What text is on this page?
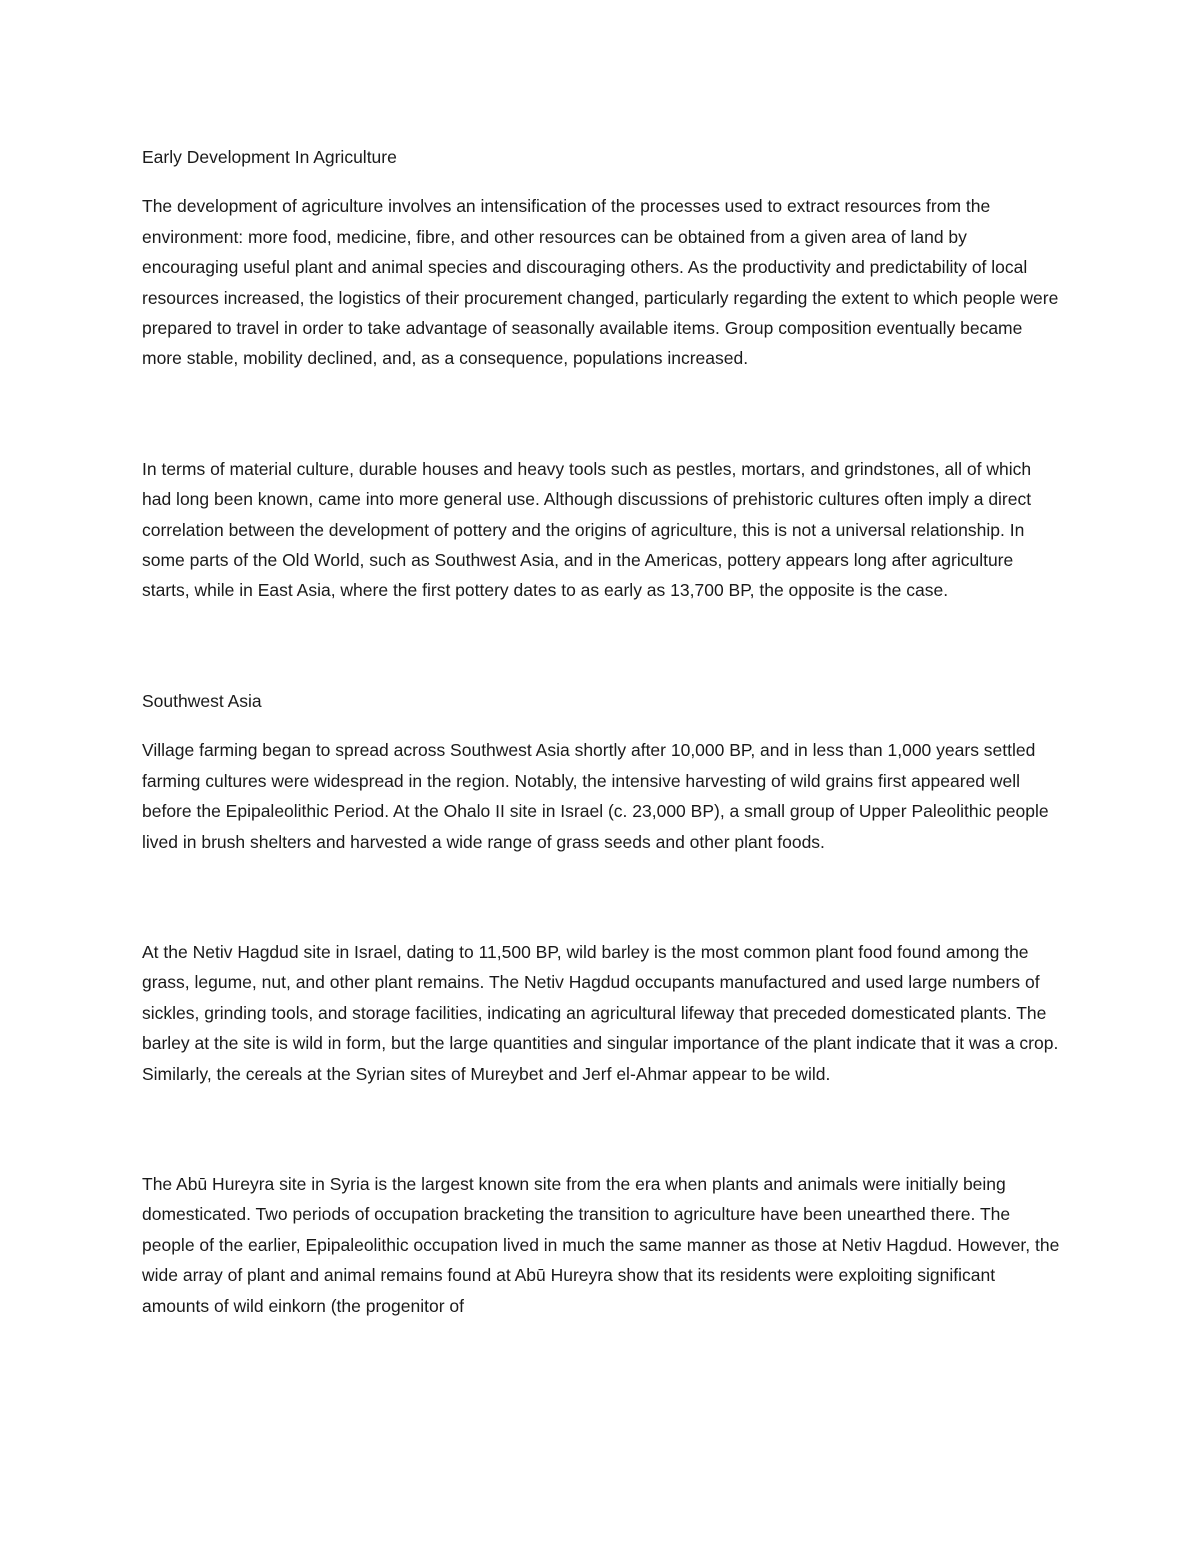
Early Development In Agriculture

The development of agriculture involves an intensification of the processes used to extract resources from the environment: more food, medicine, fibre, and other resources can be obtained from a given area of land by encouraging useful plant and animal species and discouraging others. As the productivity and predictability of local resources increased, the logistics of their procurement changed, particularly regarding the extent to which people were prepared to travel in order to take advantage of seasonally available items. Group composition eventually became more stable, mobility declined, and, as a consequence, populations increased.

In terms of material culture, durable houses and heavy tools such as pestles, mortars, and grindstones, all of which had long been known, came into more general use. Although discussions of prehistoric cultures often imply a direct correlation between the development of pottery and the origins of agriculture, this is not a universal relationship. In some parts of the Old World, such as Southwest Asia, and in the Americas, pottery appears long after agriculture starts, while in East Asia, where the first pottery dates to as early as 13,700 BP, the opposite is the case.

Southwest Asia

Village farming began to spread across Southwest Asia shortly after 10,000 BP, and in less than 1,000 years settled farming cultures were widespread in the region. Notably, the intensive harvesting of wild grains first appeared well before the Epipaleolithic Period. At the Ohalo II site in Israel (c. 23,000 BP), a small group of Upper Paleolithic people lived in brush shelters and harvested a wide range of grass seeds and other plant foods.

At the Netiv Hagdud site in Israel, dating to 11,500 BP, wild barley is the most common plant food found among the grass, legume, nut, and other plant remains. The Netiv Hagdud occupants manufactured and used large numbers of sickles, grinding tools, and storage facilities, indicating an agricultural lifeway that preceded domesticated plants. The barley at the site is wild in form, but the large quantities and singular importance of the plant indicate that it was a crop. Similarly, the cereals at the Syrian sites of Mureybet and Jerf el-Ahmar appear to be wild.

The Abū Hureyra site in Syria is the largest known site from the era when plants and animals were initially being domesticated. Two periods of occupation bracketing the transition to agriculture have been unearthed there. The people of the earlier, Epipaleolithic occupation lived in much the same manner as those at Netiv Hagdud. However, the wide array of plant and animal remains found at Abū Hureyra show that its residents were exploiting significant amounts of wild einkorn (the progenitor of
